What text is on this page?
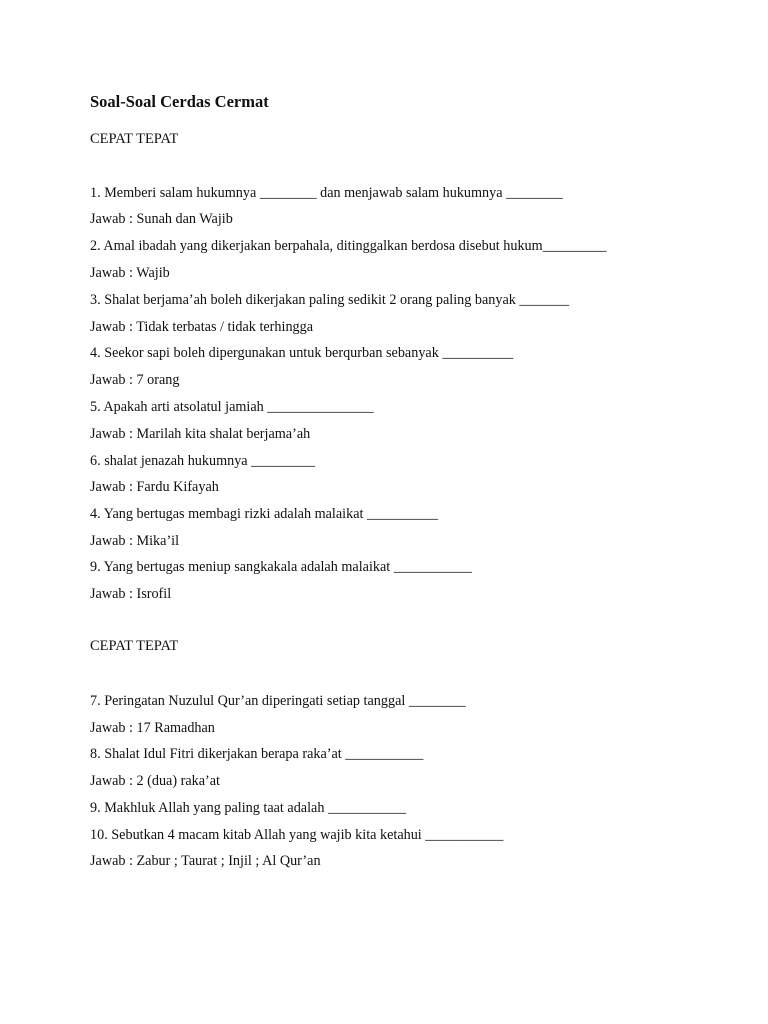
Soal-Soal Cerdas Cermat
CEPAT TEPAT
1. Memberi salam hukumnya ________ dan menjawab salam hukumnya ________
Jawab : Sunah dan Wajib
2. Amal ibadah yang dikerjakan berpahala, ditinggalkan berdosa disebut hukum_________
Jawab : Wajib
3. Shalat berjama’ah boleh dikerjakan paling sedikit 2 orang paling banyak _______
Jawab : Tidak terbatas / tidak terhingga
4. Seekor sapi boleh dipergunakan untuk berqurban sebanyak __________
Jawab : 7 orang
5. Apakah arti atsolatul jamiah _______________
Jawab : Marilah kita shalat berjama’ah
6. shalat jenazah hukumnya _________
Jawab : Fardu Kifayah
4. Yang bertugas membagi rizki adalah malaikat __________
Jawab : Mika’il
9. Yang bertugas meniup sangkakala adalah malaikat ___________
Jawab : Isrofil
CEPAT TEPAT
7. Peringatan Nuzulul Qur’an diperingati setiap tanggal ________
Jawab : 17 Ramadhan
8. Shalat Idul Fitri dikerjakan berapa raka’at ___________
Jawab : 2 (dua) raka’at
9. Makhluk Allah yang paling taat adalah ___________
10. Sebutkan 4 macam kitab Allah yang wajib kita ketahui ___________
Jawab : Zabur ; Taurat ; Injil ; Al Qur’an
